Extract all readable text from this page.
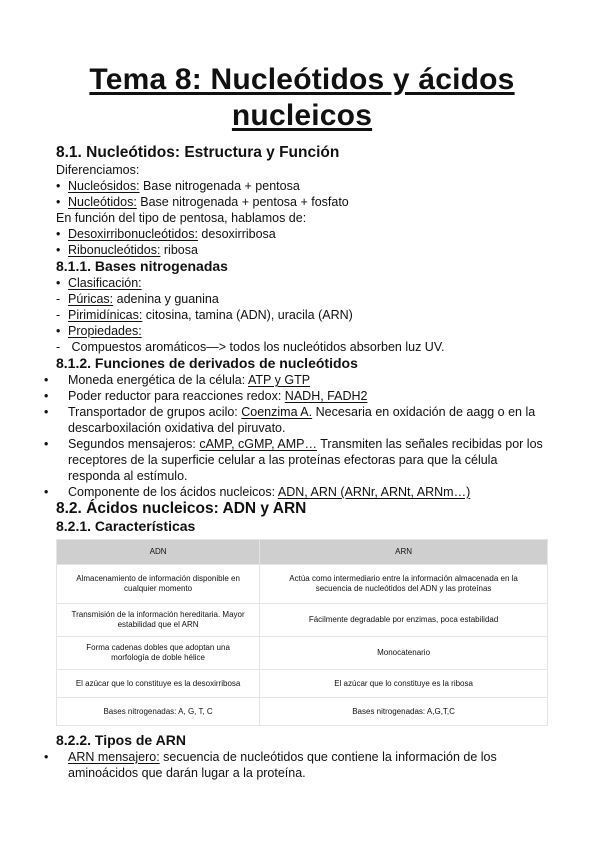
Tema 8: Nucleótidos y ácidos nucleicos
8.1. Nucleótidos: Estructura y Función
Diferenciamos:
• Nucleósidos: Base nitrogenada + pentosa
• Nucleótidos: Base nitrogenada + pentosa + fosfato
En función del tipo de pentosa, hablamos de:
• Desoxirribonucleótidos: desoxirribosa
• Ribonucleótidos: ribosa
8.1.1. Bases nitrogenadas
• Clasificación:
- Púricas: adenina y guanina
- Pirimidínicas: citosina, tamina (ADN), uracila (ARN)
• Propiedades:
- Compuestos aromáticos—> todos los nucleótidos absorben luz UV.
8.1.2. Funciones de derivados de nucleótidos
• Moneda energética de la célula: ATP y GTP
• Poder reductor para reacciones redox: NADH, FADH2
• Transportador de grupos acilo: Coenzima A. Necesaria en oxidación de aagg o en la descarboxilación oxidativa del piruvato.
• Segundos mensajeros: cAMP, cGMP, AMP… Transmiten las señales recibidas por los receptores de la superficie celular a las proteínas efectoras para que la célula responda al estímulo.
• Componente de los ácidos nucleicos: ADN, ARN (ARNr, ARNt, ARNm…)
8.2. Ácidos nucleicos: ADN y ARN
8.2.1. Características
ADN	ARN
Almacenamiento de información disponible en cualquier momento	Actúa como intermediario entre la información almacenada en la secuencia de nucleótidos del ADN y las proteínas
Transmisión de la información hereditaria. Mayor estabilidad que el ARN	Fácilmente degradable por enzimas, poca estabilidad
Forma cadenas dobles que adoptan una morfología de doble hélice	Monocatenario
El azúcar que lo constituye es la desoxirribosa	El azúcar que lo constituye es la ribosa
Bases nitrogenadas: A, G, T, C	Bases nitrogenadas: A,G,T,C
8.2.2. Tipos de ARN
• ARN mensajero: secuencia de nucleótidos que contiene la información de los aminoácidos que darán lugar a la proteína.
